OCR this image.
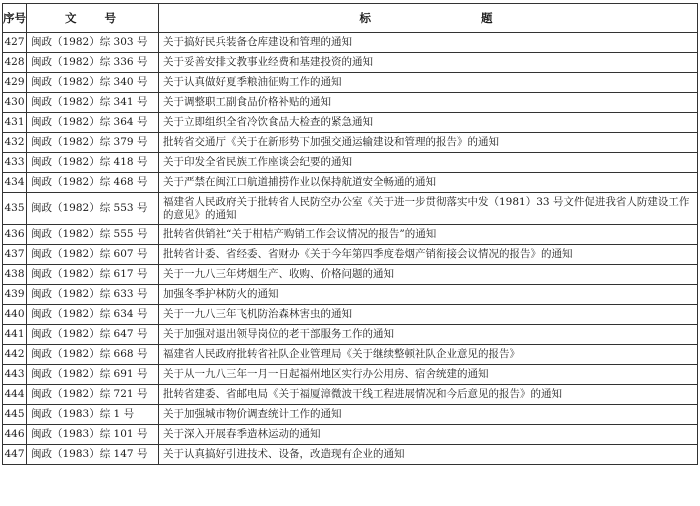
序号	文号	标题
427	闽政（1982）综 303 号	关于搞好民兵装备仓库建设和管理的通知
428	闽政（1982）综 336 号	关于妥善安排文教事业经费和基建投资的通知
429	闽政（1982）综 340 号	关于认真做好夏季粮油征购工作的通知
430	闽政（1982）综 341 号	关于调整职工副食品价格补贴的通知
431	闽政（1982）综 364 号	关于立即组织全省冷饮食品大检查的紧急通知
432	闽政（1982）综 379 号	批转省交通厅《关于在新形势下加强交通运输建设和管理的报告》的通知
433	闽政（1982）综 418 号	关于印发全省民族工作座谈会纪要的通知
434	闽政（1982）综 468 号	关于严禁在闽江口航道捕捞作业以保持航道安全畅通的通知
435	闽政（1982）综 553 号	福建省人民政府关于批转省人民防空办公室《关于进一步贯彻落实中发（1981）33 号文件促进我省人防建设工作的意见》的通知
436	闽政（1982）综 555 号	批转省供销社“关于柑桔产购销工作会议情况的报告”的通知
437	闽政（1982）综 607 号	批转省计委、省经委、省财办《关于今年第四季度卷烟产销衔接会议情况的报告》的通知
438	闽政（1982）综 617 号	关于一九八三年烤烟生产、收购、价格问题的通知
439	闽政（1982）综 633 号	加强冬季护林防火的通知
440	闽政（1982）综 634 号	关于一九八三年飞机防治森林害虫的通知
441	闽政（1982）综 647 号	关于加强对退出领导岗位的老干部服务工作的通知
442	闽政（1982）综 668 号	福建省人民政府批转省社队企业管理局《关于继续整顿社队企业意见的报告》
443	闽政（1982）综 691 号	关于从一九八三年一月一日起福州地区实行办公用房、宿舍统建的通知
444	闽政（1982）综 721 号	批转省建委、省邮电局《关于福厦漳微波干线工程进展情况和今后意见的报告》的通知
445	闽政（1983）综 1 号	关于加强城市物价调查统计工作的通知
446	闽政（1983）综 101 号	关于深入开展春季造林运动的通知
447	闽政（1983）综 147 号	关于认真搞好引进技术、设备，改造现有企业的通知
